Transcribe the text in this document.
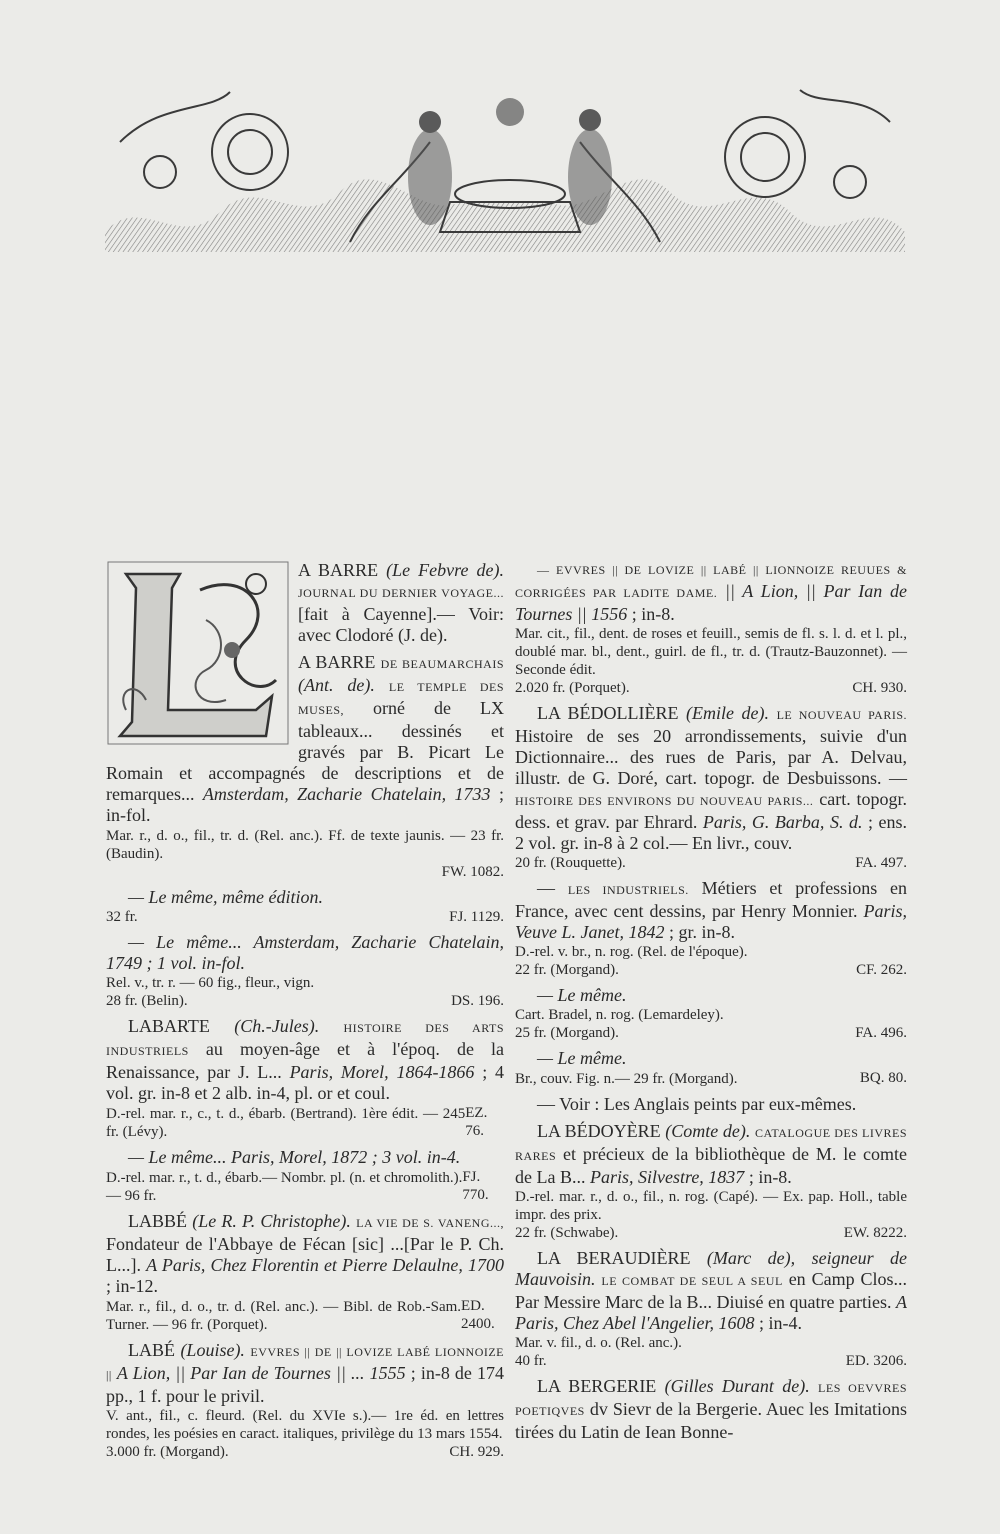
A BARRE (Le Febvre de). JOURNAL DU DERNIER VOYAGE... [fait à Cayenne].— Voir: avec Clodoré (J. de).

A BARRE DE BEAUMARCHAIS (Ant. de). LE TEMPLE DES MUSES, orné de LX tableaux... dessinés et gravés par B. Picart Le Romain et accompagnés de descriptions et de remarques... Amsterdam, Zacharie Chatelain, 1733 ; in-fol.

Mar. r., d. o., fil., tr. d. (Rel. anc.). Ff. de texte jaunis. — 23 fr. (Baudin).
FW. 1082.

— Le même, même édition.

32 fr.	FJ. 1129.

— Le même... Amsterdam, Zacharie Chatelain, 1749 ; 1 vol. in-fol.

Rel. v., tr. r. — 60 fig., fleur., vign.

28 fr. (Belin).	DS. 196.

LABARTE (Ch.-Jules). HISTOIRE DES ARTS INDUSTRIELS au moyen-âge et à l'époq. de la Renaissance, par J. L... Paris, Morel, 1864-1866 ; 4 vol. gr. in-8 et 2 alb. in-4, pl. or et coul.

D.-rel. mar. r., c., t. d., ébarb. (Bertrand). 1ère édit. — 245 fr. (Lévy).
EZ. 76.

— Le même... Paris, Morel, 1872 ; 3 vol. in-4.

D.-rel. mar. r., t. d., ébarb.— Nombr. pl. (n. et chromolith.). — 96 fr.
FJ. 770.

LABBÉ (Le R. P. Christophe). LA VIE DE S. VANENG..., Fondateur de l'Abbaye de Fécan [sic] ...[Par le P. Ch. L...]. A Paris, Chez Florentin et Pierre Delaulne, 1700 ; in-12.

Mar. r., fil., d. o., tr. d. (Rel. anc.). — Bibl. de Rob.-Sam. Turner. — 96 fr. (Porquet).
ED. 2400.

LABÉ (Louise). EVVRES || DE || LOVIZE LABÉ LIONNOIZE || A Lion, || Par Ian de Tournes || ... 1555 ; in-8 de 174 pp., 1 f. pour le privil.

V. ant., fil., c. fleurd. (Rel. du XVIe s.).— 1re éd. en lettres rondes, les poésies en caract. italiques, privilège du 13 mars 1554.

3.000 fr. (Morgand).	CH. 929.

— EVVRES || DE LOVIZE || LABÉ || LIONNOIZE REUUES & CORRIGÉES PAR LADITE DAME. || A Lion, || Par Ian de Tournes || 1556 ; in-8.

Mar. cit., fil., dent. de roses et feuill., semis de fl. s. l. d. et l. pl., doublé mar. bl., dent., guirl. de fl., tr. d. (Trautz-Bauzonnet). — Seconde édit.

2.020 fr. (Porquet).	CH. 930.

LA BÉDOLLIÈRE (Emile de). LE NOUVEAU PARIS. Histoire de ses 20 arrondissements, suivie d'un Dictionnaire... des rues de Paris, par A. Delvau, illustr. de G. Doré, cart. topogr. de Desbuissons. — HISTOIRE DES ENVIRONS DU NOUVEAU PARIS... cart. topogr. dess. et grav. par Ehrard. Paris, G. Barba, S. d. ; ens. 2 vol. gr. in-8 à 2 col.— En livr., couv.

20 fr. (Rouquette).	FA. 497.

— LES INDUSTRIELS. Métiers et professions en France, avec cent dessins, par Henry Monnier. Paris, Veuve L. Janet, 1842 ; gr. in-8.

D.-rel. v. br., n. rog. (Rel. de l'époque).

22 fr. (Morgand).	CF. 262.

— Le même.

Cart. Bradel, n. rog. (Lemardeley).

25 fr. (Morgand).	FA. 496.

— Le même.

Br., couv. Fig. n.— 29 fr. (Morgand).	BQ. 80.

— Voir : Les Anglais peints par eux-mêmes.

LA BÉDOYÈRE (Comte de). CATALOGUE DES LIVRES RARES et précieux de la bibliothèque de M. le comte de La B... Paris, Silvestre, 1837 ; in-8.

D.-rel. mar. r., d. o., fil., n. rog. (Capé). — Ex. pap. Holl., table impr. des prix.

22 fr. (Schwabe).	EW. 8222.

LA BERAUDIÈRE (Marc de), seigneur de Mauvoisin. LE COMBAT DE SEUL A SEUL en Camp Clos... Par Messire Marc de la B... Diuisé en quatre parties. A Paris, Chez Abel l'Angelier, 1608 ; in-4.

Mar. v. fil., d. o. (Rel. anc.).

40 fr.	ED. 3206.

LA BERGERIE (Gilles Durant de). LES OEVVRES POETIQVES dv Sievr de la Bergerie. Auec les Imitations tirées du Latin de Iean Bonne-
